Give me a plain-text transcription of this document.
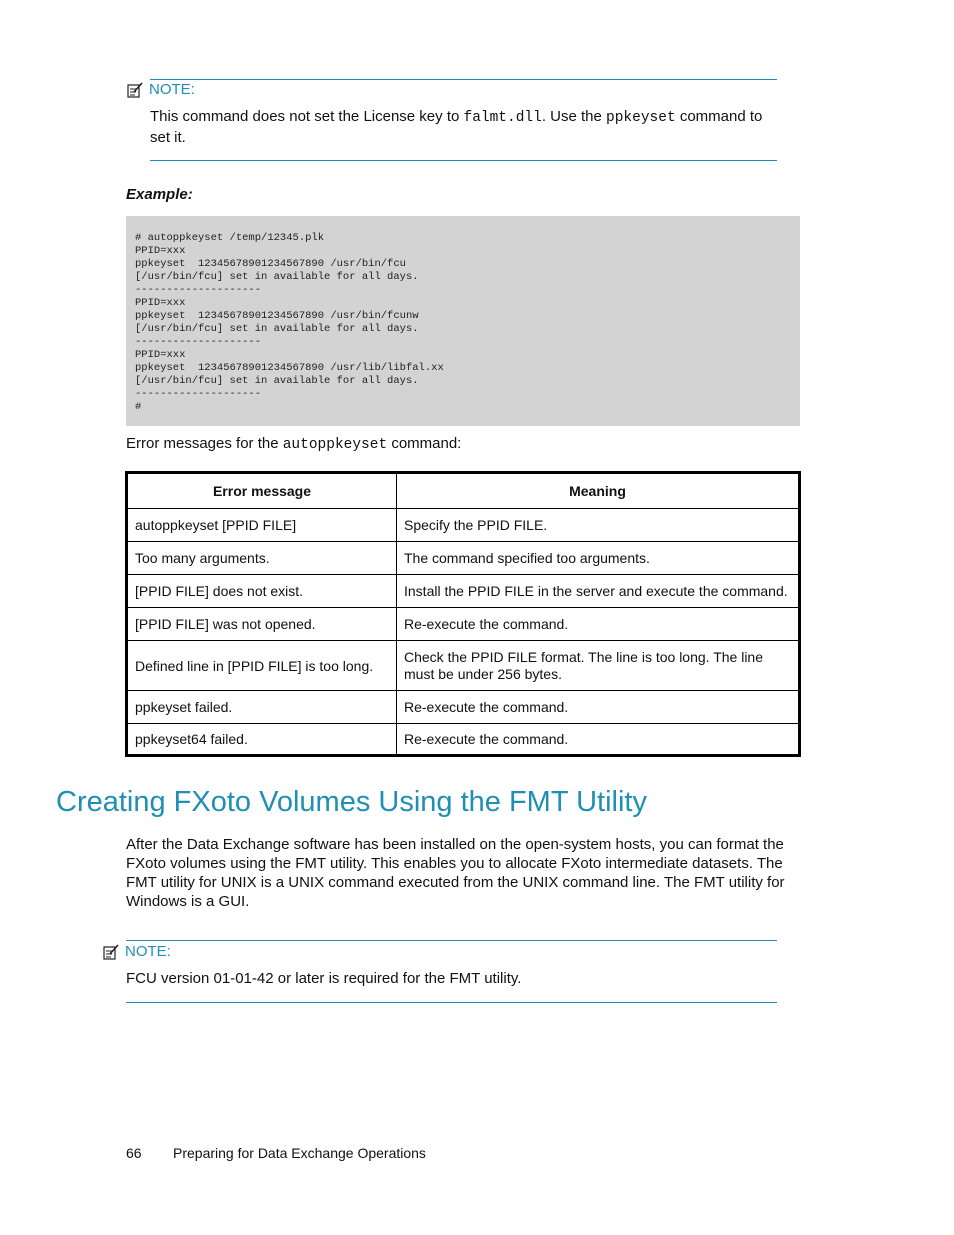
NOTE:
This command does not set the License key to falmt.dll. Use the ppkeyset command to set it.
Example:
# autoppkeyset /temp/12345.plk
PPID=xxx
ppkeyset  12345678901234567890 /usr/bin/fcu
[/usr/bin/fcu] set in available for all days.
--------------------
PPID=xxx
ppkeyset  12345678901234567890 /usr/bin/fcunw
[/usr/bin/fcu] set in available for all days.
--------------------
PPID=xxx
ppkeyset  12345678901234567890 /usr/lib/libfal.xx
[/usr/bin/fcu] set in available for all days.
--------------------
#
Error messages for the autoppkeyset command:
Error message	Meaning
autoppkeyset [PPID FILE]	Specify the PPID FILE.
Too many arguments.	The command specified too arguments.
[PPID FILE] does not exist.	Install the PPID FILE in the server and execute the command.
[PPID FILE] was not opened.	Re-execute the command.
Defined line in [PPID FILE] is too long.	Check the PPID FILE format. The line is too long. The line must be under 256 bytes.
ppkeyset failed.	Re-execute the command.
ppkeyset64 failed.	Re-execute the command.
Creating FXoto Volumes Using the FMT Utility
After the Data Exchange software has been installed on the open-system hosts, you can format the FXoto volumes using the FMT utility. This enables you to allocate FXoto intermediate datasets. The FMT utility for UNIX is a UNIX command executed from the UNIX command line. The FMT utility for Windows is a GUI.
NOTE:
FCU version 01-01-42 or later is required for the FMT utility.
66 Preparing for Data Exchange Operations
